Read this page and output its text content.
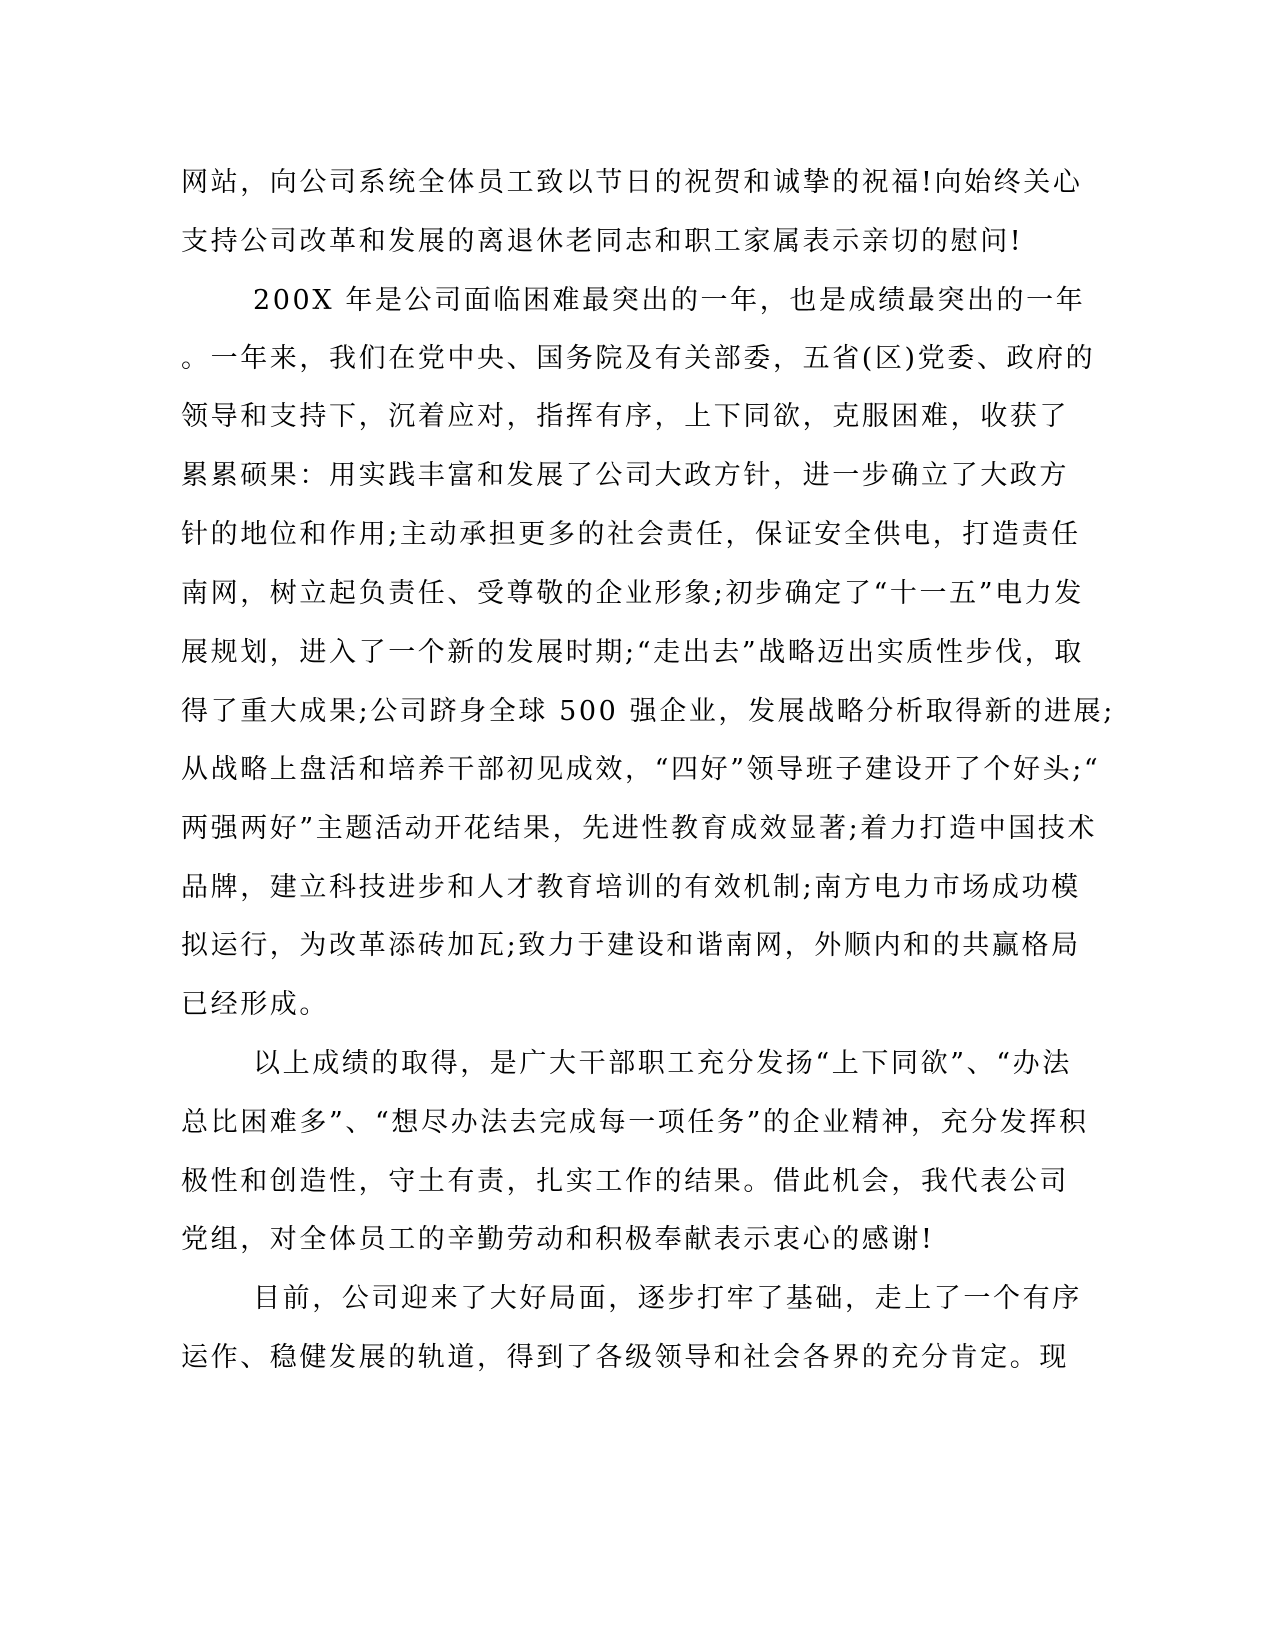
网站，向公司系统全体员工致以节日的祝贺和诚挚的祝福!向始终关心

支持公司改革和发展的离退休老同志和职工家属表示亲切的慰问!

200X 年是公司面临困难最突出的一年，也是成绩最突出的一年

。一年来，我们在党中央、国务院及有关部委，五省(区)党委、政府的

领导和支持下，沉着应对，指挥有序，上下同欲，克服困难，收获了

累累硕果：用实践丰富和发展了公司大政方针，进一步确立了大政方

针的地位和作用;主动承担更多的社会责任，保证安全供电，打造责任

南网，树立起负责任、受尊敬的企业形象;初步确定了“十一五”电力发

展规划，进入了一个新的发展时期;“走出去”战略迈出实质性步伐，取

得了重大成果;公司跻身全球 500 强企业，发展战略分析取得新的进展;

从战略上盘活和培养干部初见成效，“四好”领导班子建设开了个好头;“

两强两好”主题活动开花结果，先进性教育成效显著;着力打造中国技术

品牌，建立科技进步和人才教育培训的有效机制;南方电力市场成功模

拟运行，为改革添砖加瓦;致力于建设和谐南网，外顺内和的共赢格局

已经形成。

以上成绩的取得，是广大干部职工充分发扬“上下同欲”、“办法

总比困难多”、“想尽办法去完成每一项任务”的企业精神，充分发挥积

极性和创造性，守土有责，扎实工作的结果。借此机会，我代表公司

党组，对全体员工的辛勤劳动和积极奉献表示衷心的感谢!

目前，公司迎来了大好局面，逐步打牢了基础，走上了一个有序

运作、稳健发展的轨道，得到了各级领导和社会各界的充分肯定。现
